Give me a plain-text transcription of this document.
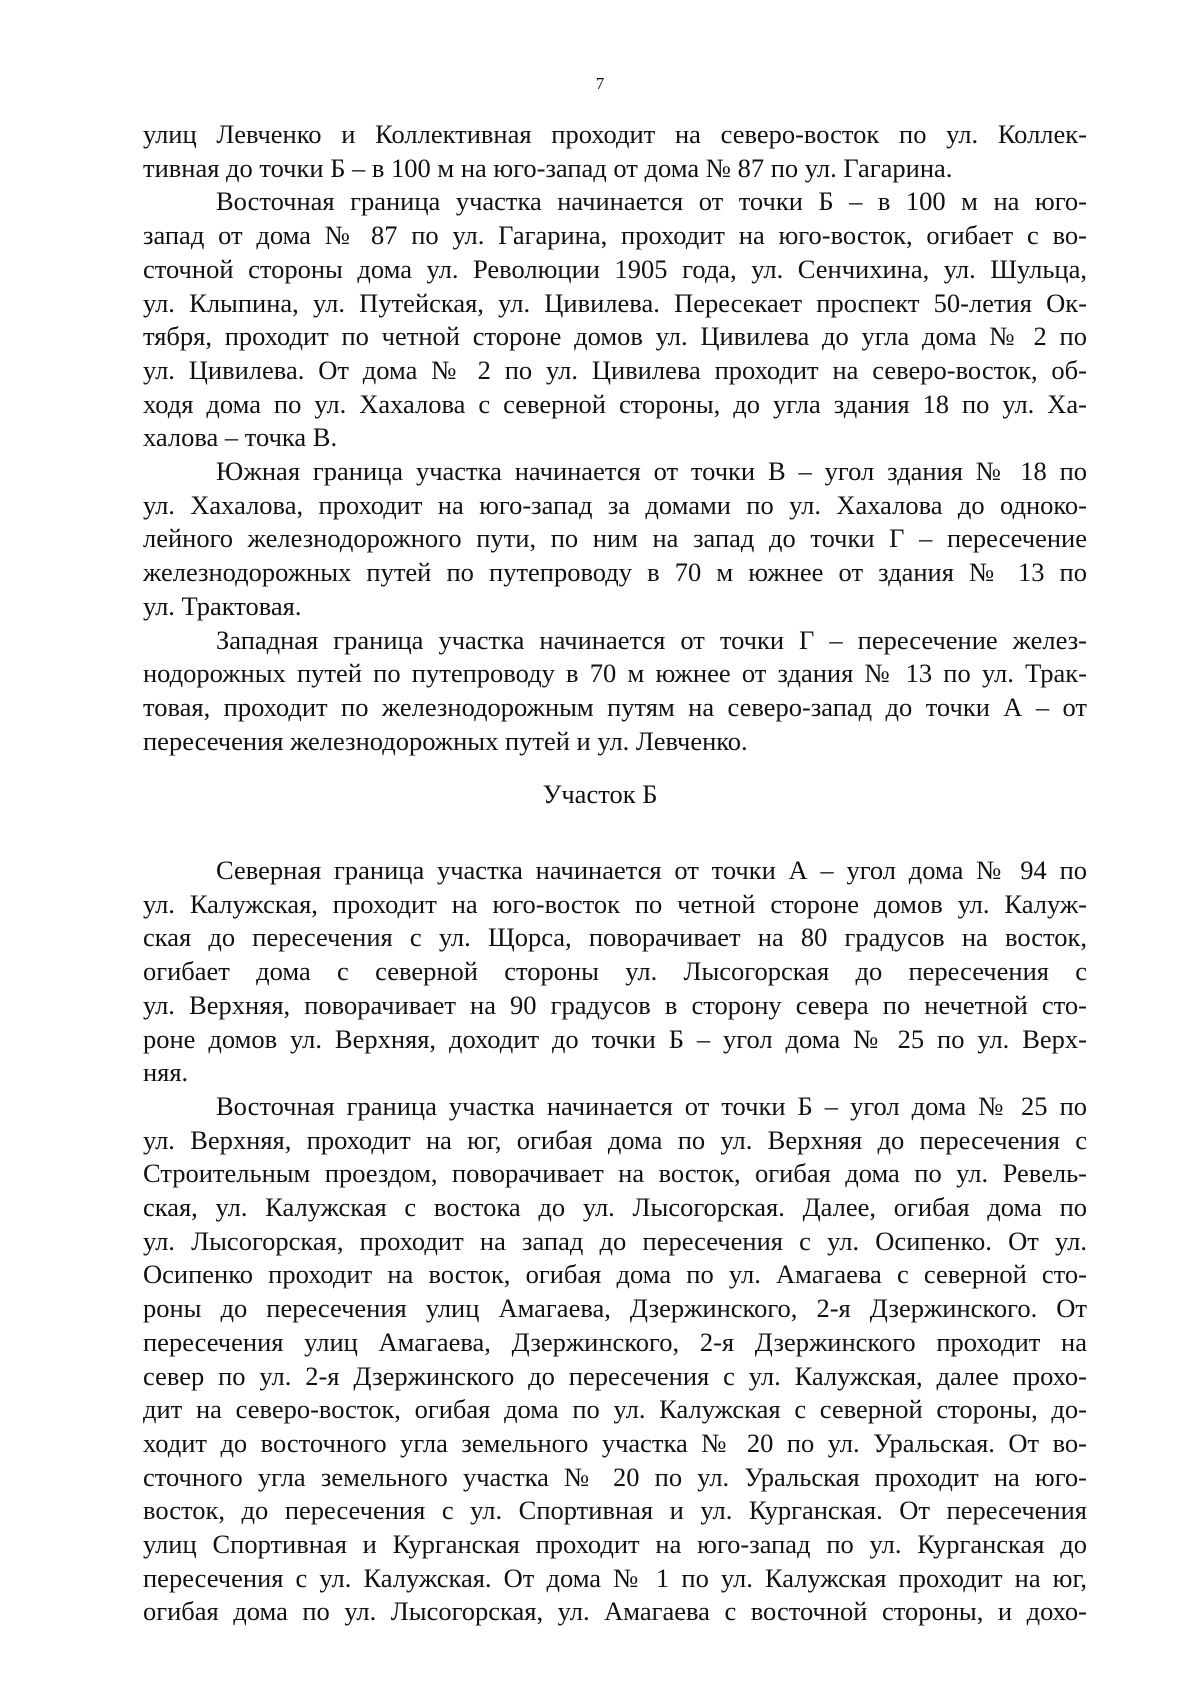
7
улиц Левченко и Коллективная проходит на северо-восток по ул. Коллек-
тивная до точки Б – в 100 м на юго-запад от дома № 87 по ул. Гагарина.
Восточная граница участка начинается от точки Б – в 100 м на юго-
запад от дома № 87 по ул. Гагарина, проходит на юго-восток, огибает с во-
сточной стороны дома ул. Революции 1905 года, ул. Сенчихина, ул. Шульца,
ул. Клыпина, ул. Путейская, ул. Цивилева. Пересекает проспект 50-летия Ок-
тября, проходит по четной стороне домов ул. Цивилева до угла дома № 2 по
ул. Цивилева. От дома № 2 по ул. Цивилева проходит на северо-восток, об-
ходя дома по ул. Хахалова с северной стороны, до угла здания 18 по ул. Ха-
халова – точка В.
Южная граница участка начинается от точки В – угол здания № 18 по
ул. Хахалова, проходит на юго-запад за домами по ул. Хахалова до одноко-
лейного железнодорожного пути, по ним на запад до точки Г – пересечение
железнодорожных путей по путепроводу в 70 м южнее от здания № 13 по
ул. Трактовая.
Западная граница участка начинается от точки Г – пересечение желез-
нодорожных путей по путепроводу в 70 м южнее от здания № 13 по ул. Трак-
товая, проходит по железнодорожным путям на северо-запад до точки А – от
пересечения железнодорожных путей и ул. Левченко.
Участок Б
Северная граница участка начинается от точки А – угол дома № 94 по
ул. Калужская, проходит на юго-восток по четной стороне домов ул. Калуж-
ская до пересечения с ул. Щорса, поворачивает на 80 градусов на восток,
огибает дома с северной стороны ул. Лысогорская до пересечения с
ул. Верхняя, поворачивает на 90 градусов в сторону севера по нечетной сто-
роне домов ул. Верхняя, доходит до точки Б – угол дома № 25 по ул. Верх-
няя.
Восточная граница участка начинается от точки Б – угол дома № 25 по
ул. Верхняя, проходит на юг, огибая дома по ул. Верхняя до пересечения с
Строительным проездом, поворачивает на восток, огибая дома по ул. Ревель-
ская, ул. Калужская с востока до ул. Лысогорская. Далее, огибая дома по
ул. Лысогорская, проходит на запад до пересечения с ул. Осипенко. От ул.
Осипенко проходит на восток, огибая дома по ул. Амагаева с северной сто-
роны до пересечения улиц Амагаева, Дзержинского, 2-я Дзержинского. От
пересечения улиц Амагаева, Дзержинского, 2-я Дзержинского проходит на
север по ул. 2-я Дзержинского до пересечения с ул. Калужская, далее прохо-
дит на северо-восток, огибая дома по ул. Калужская с северной стороны, до-
ходит до восточного угла земельного участка № 20 по ул. Уральская. От во-
сточного угла земельного участка № 20 по ул. Уральская проходит на юго-
восток, до пересечения с ул. Спортивная и ул. Курганская. От пересечения
улиц Спортивная и Курганская проходит на юго-запад по ул. Курганская до
пересечения с ул. Калужская. От дома № 1 по ул. Калужская проходит на юг,
огибая дома по ул. Лысогорская, ул. Амагаева с восточной стороны, и дохо-
